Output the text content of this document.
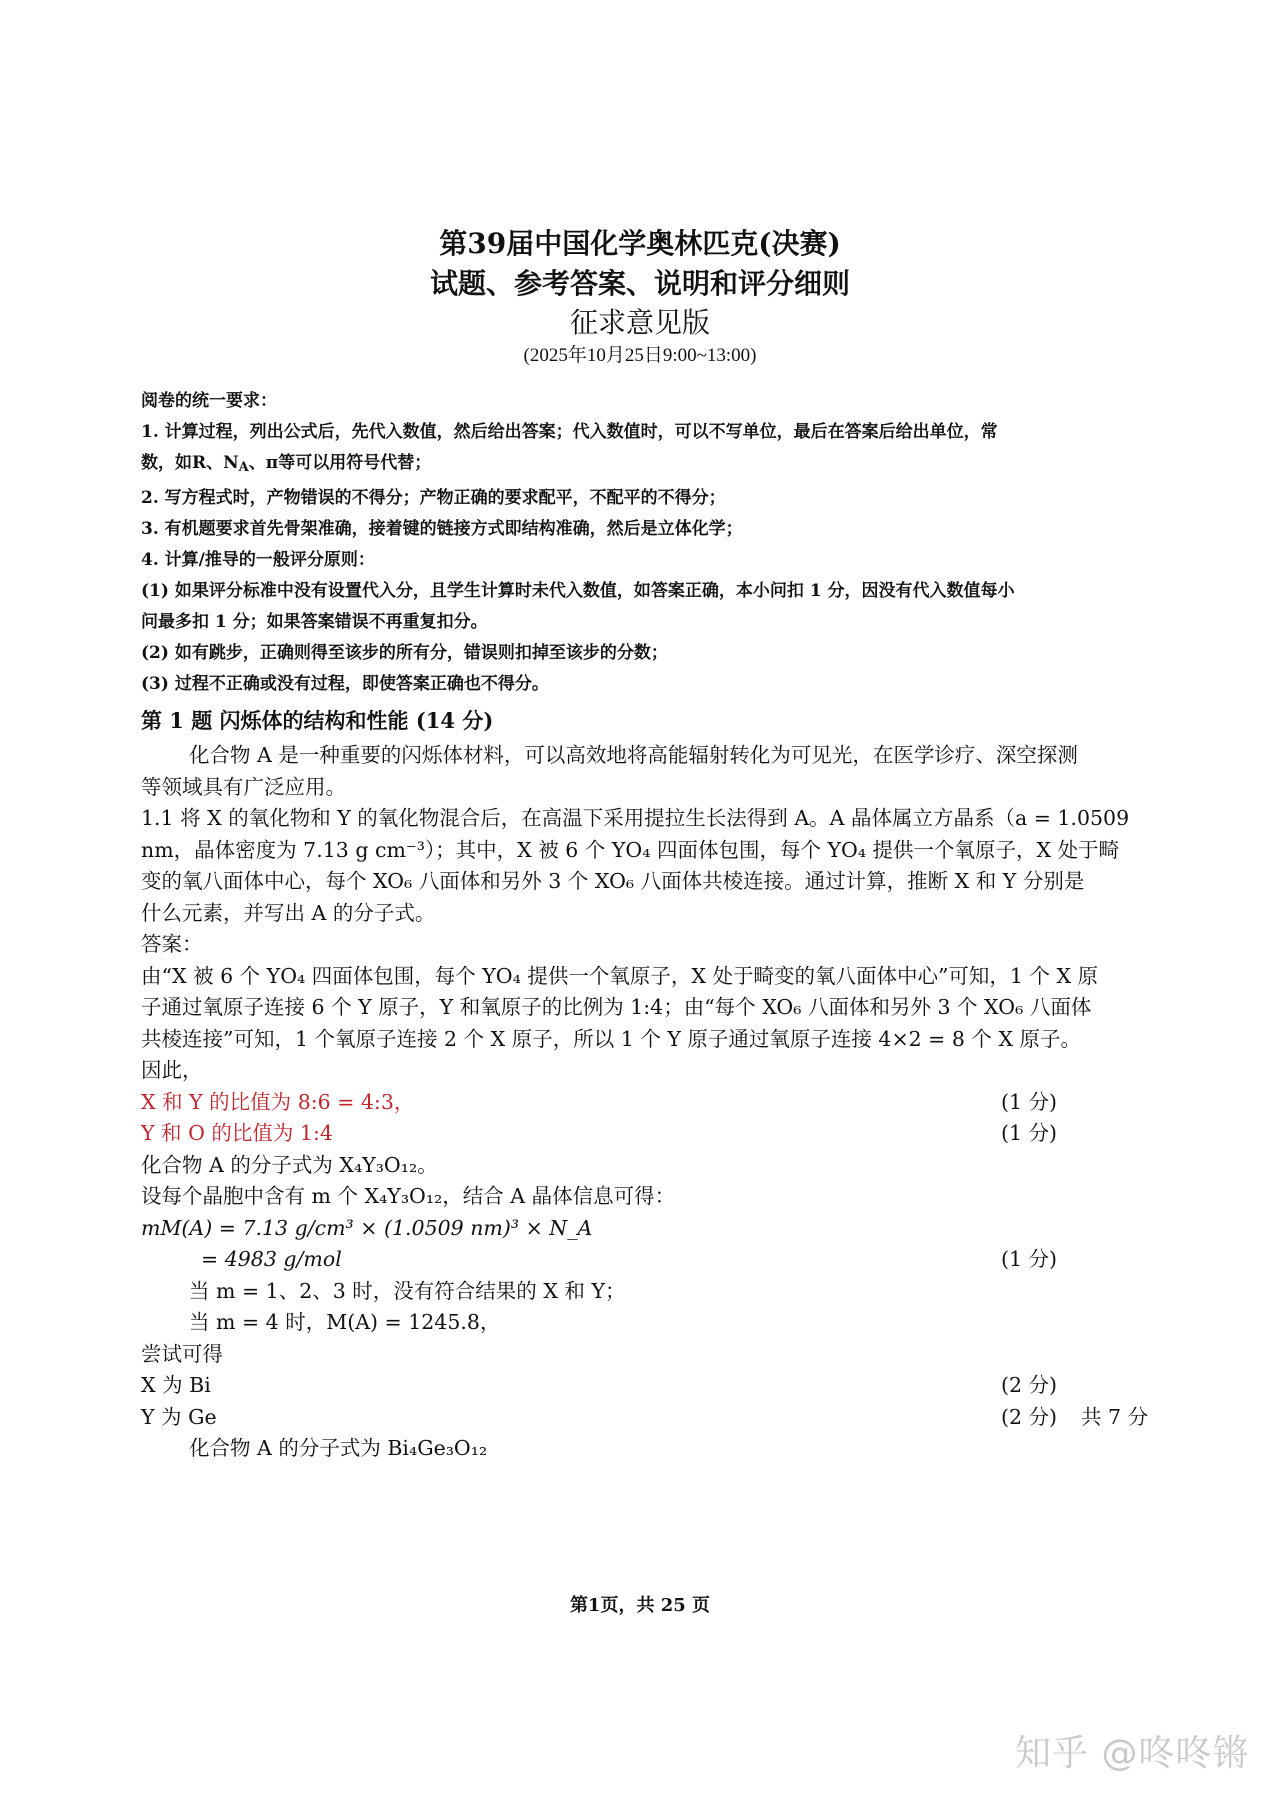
第39届中国化学奥林匹克(决赛)
试题、参考答案、说明和评分细则
征求意见版
(2025年10月25日9:00~13:00)
阅卷的统一要求：
1. 计算过程，列出公式后，先代入数值，然后给出答案；代入数值时，可以不写单位，最后在答案后给出单位，常
数，如R、$N_A$、π等可以用符号代替；
2. 写方程式时，产物错误的不得分；产物正确的要求配平，不配平的不得分；
3. 有机题要求首先骨架准确，接着键的链接方式即结构准确，然后是立体化学；
4. 计算/推导的一般评分原则：
(1) 如果评分标准中没有设置代入分，且学生计算时未代入数值，如答案正确，本小问扣 1 分，因没有代入数值每小
问最多扣 1 分；如果答案错误不再重复扣分。
(2) 如有跳步，正确则得至该步的所有分，错误则扣掉至该步的分数；
(3) 过程不正确或没有过程，即使答案正确也不得分。
第 1 题 闪烁体的结构和性能 (14 分)
化合物 A 是一种重要的闪烁体材料，可以高效地将高能辐射转化为可见光，在医学诊疗、深空探测
等领域具有广泛应用。
1.1 将 X 的氧化物和 Y 的氧化物混合后，在高温下采用提拉生长法得到 A。A 晶体属立方晶系（a = 1.0509
nm，晶体密度为 7.13 g cm⁻³）；其中，X 被 6 个 YO₄ 四面体包围，每个 YO₄ 提供一个氧原子，X 处于畸
变的氧八面体中心，每个 XO₆ 八面体和另外 3 个 XO₆ 八面体共棱连接。通过计算，推断 X 和 Y 分别是
什么元素，并写出 A 的分子式。
答案：
由“X 被 6 个 YO₄ 四面体包围，每个 YO₄ 提供一个氧原子，X 处于畸变的氧八面体中心”可知，1 个 X 原
子通过氧原子连接 6 个 Y 原子，Y 和氧原子的比例为 1:4；由“每个 XO₆ 八面体和另外 3 个 XO₆ 八面体
共棱连接”可知，1 个氧原子连接 2 个 X 原子，所以 1 个 Y 原子通过氧原子连接 4×2 = 8 个 X 原子。
因此，
X 和 Y 的比值为 8:6 = 4:3，	(1 分)
Y 和 O 的比值为 1:4	(1 分)
化合物 A 的分子式为 X₄Y₃O₁₂。
设每个晶胞中含有 m 个 X₄Y₃O₁₂，结合 A 晶体信息可得：
mM(A) = 7.13 g/cm³ × (1.0509 nm)³ × N_A
= 4983 g/mol	(1 分)
当 m = 1、2、3 时，没有符合结果的 X 和 Y；
当 m = 4 时，M(A) = 1245.8，
尝试可得
X 为 Bi	(2 分)
Y 为 Ge	(2 分) 共 7 分
化合物 A 的分子式为 Bi₄Ge₃O₁₂
第1页，共 25 页
知乎 @咚咚锵
